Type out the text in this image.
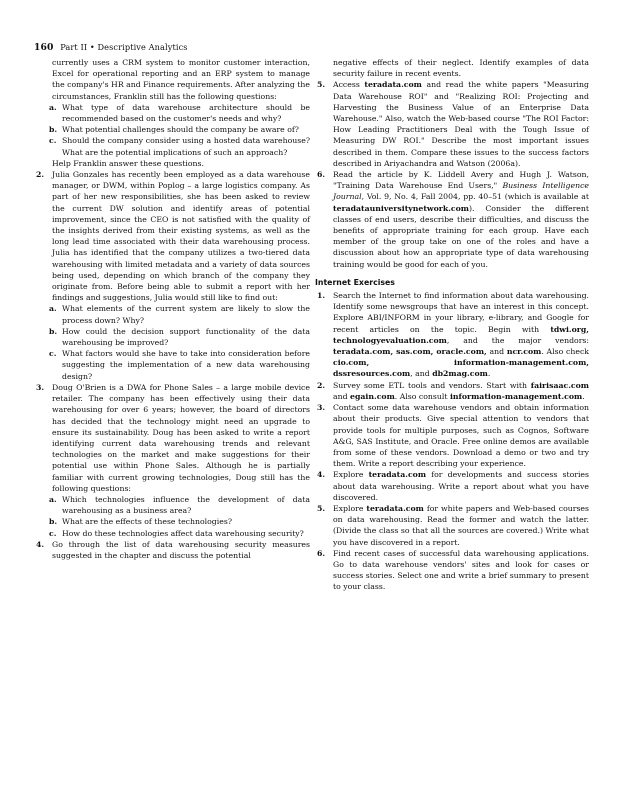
160 Part II • Descriptive Analytics

currently uses a CRM system to monitor customer interaction, Excel for operational reporting and an ERP system to manage the company's HR and Finance requirements. After analyzing the circumstances, Franklin still has the following questions:

a. What type of data warehouse architecture should be recommended based on the customer's needs and why?

b. What potential challenges should the company be aware of?

c. Should the company consider using a hosted data warehouse? What are the potential implications of such an approach?

Help Franklin answer these questions.

2. Julia Gonzales has recently been employed as a data warehouse manager, or DWM, within Poplog – a large logistics company. As part of her new responsibilities, she has been asked to review the current DW solution and identify areas of potential improvement, since the CEO is not satisfied with the quality of the insights derived from their existing systems, as well as the long lead time associated with their data warehousing process. Julia has identified that the company utilizes a two-tiered data warehousing with limited metadata and a variety of data sources being used, depending on which branch of the company they originate from. Before being able to submit a report with her findings and suggestions, Julia would still like to find out:

a. What elements of the current system are likely to slow the process down? Why?

b. How could the decision support functionality of the data warehousing be improved?

c. What factors would she have to take into consideration before suggesting the implementation of a new data warehousing design?

3. Doug O'Brien is a DWA for Phone Sales – a large mobile device retailer. The company has been effectively using their data warehousing for over 6 years; however, the board of directors has decided that the technology might need an upgrade to ensure its sustainability. Doug has been asked to write a report identifying current data warehousing trends and relevant technologies on the market and make suggestions for their potential use within Phone Sales. Although he is partially familiar with current growing technologies, Doug still has the following questions:

a. Which technologies influence the development of data warehousing as a business area?

b. What are the effects of these technologies?

c. How do these technologies affect data warehousing security?

4. Go through the list of data warehousing security measures suggested in the chapter and discuss the potential

negative effects of their neglect. Identify examples of data security failure in recent events.

5. Access teradata.com and read the white papers "Measuring Data Warehouse ROI" and "Realizing ROI: Projecting and Harvesting the Business Value of an Enterprise Data Warehouse." Also, watch the Web-based course "The ROI Factor: How Leading Practitioners Deal with the Tough Issue of Measuring DW ROI." Describe the most important issues described in them. Compare these issues to the success factors described in Ariyachandra and Watson (2006a).

6. Read the article by K. Liddell Avery and Hugh J. Watson, "Training Data Warehouse End Users," Business Intelligence Journal, Vol. 9, No. 4, Fall 2004, pp. 40–51 (which is available at teradatauniversitynetwork.com). Consider the different classes of end users, describe their difficulties, and discuss the benefits of appropriate training for each group. Have each member of the group take on one of the roles and have a discussion about how an appropriate type of data warehousing training would be good for each of you.

Internet Exercises

1. Search the Internet to find information about data warehousing. Identify some newsgroups that have an interest in this concept. Explore ABI/INFORM in your library, e-library, and Google for recent articles on the topic. Begin with tdwi.org, technologyevaluation.com, and the major vendors: teradata.com, sas.com, oracle.com, and ncr.com. Also check cio.com, information-management.com, dssresources.com, and db2mag.com.

2. Survey some ETL tools and vendors. Start with fairisaac.com and egain.com. Also consult information-management.com.

3. Contact some data warehouse vendors and obtain information about their products. Give special attention to vendors that provide tools for multiple purposes, such as Cognos, Software A&G, SAS Institute, and Oracle. Free online demos are available from some of these vendors. Download a demo or two and try them. Write a report describing your experience.

4. Explore teradata.com for developments and success stories about data warehousing. Write a report about what you have discovered.

5. Explore teradata.com for white papers and Web-based courses on data warehousing. Read the former and watch the latter. (Divide the class so that all the sources are covered.) Write what you have discovered in a report.

6. Find recent cases of successful data warehousing applications. Go to data warehouse vendors' sites and look for cases or success stories. Select one and write a brief summary to present to your class.
